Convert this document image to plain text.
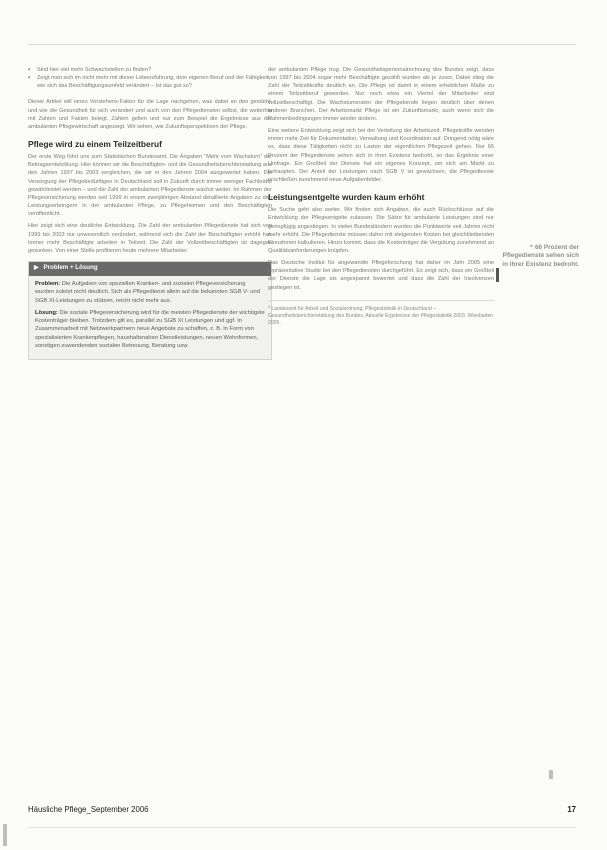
▪ Sind hier viel mehr Schwachstellen zu finden?
▪ Zeigt man sich im nicht mehr mit dieser Lebensführung, dem eigenen Beruf und der Fähigkeit, wie sich das Beschäftigungsumfeld verändert – Ist das gut so?

Dieser Artikel will einen Verstehens-Faktor für die Lage nachgehen, was dabei an den gestärkt, und wie die Gesundheit für sich verändert und auch von den Pflegediensten selbst, die weiterhin mit Zahlen und Fakten belegt. Zahlen gelten und nur zum Beispiel die Ergebnisse aus der ambulanten Pflegewirtschaft angezeigt. Wir sehen, wie Zukunftsperspektiven der Pflege.

Pflege wird zu einem Teilzeitberuf

Der erste Weg führt uns zum Statistischen Bundesamt. Die Angaben "Mehr vom Wachstum" der Beitragsentwicklung. Hier können wir die Beschäftigten- und die Gesundheitsberichterstattung aus den Jahren 1997 bis 2003 vergleichen, die wir in den Jahren 2004 ausgewertet haben. Die Versorgung der Pflegebedürftigen in Deutschland soll in Zukunft durch immer weniger Fachkräfte gewährleistet werden – und die Zahl der ambulanten Pflegedienste wächst weiter. Im Rahmen der Pflegeversicherung werden seit 1999 in einem zweijährigen Abstand detaillierte Angaben zu den Leistungserbringern in der ambulanten Pflege, zu Pflegeheimen und den Beschäftigten veröffentlicht.

Hier zeigt sich eine deutliche Entwicklung. Die Zahl der ambulanten Pflegedienste hat sich von 1999 bis 2003 nur unwesentlich verändert, während sich die Zahl der Beschäftigten erhöht hat. Immer mehr Beschäftigte arbeiten in Teilzeit. Die Zahl der Vollzeitbeschäftigten ist dagegen gesunken. Von einer Stelle profitieren heute mehrere Mitarbeiter.

▶ Problem + Lösung

Problem: Die Aufgaben von speziellen Kranken- und sozialen Pflegeversicherung wurden zuletzt nicht deutlich. Sich als Pflegedienst allein auf die bekannten SGB V- und SGB XI-Leistungen zu stützen, reicht nicht mehr aus.

Lösung: Die soziale Pflegeversicherung wird für die meisten Pflegedienste der wichtigste Kostenträger bleiben. Trotzdem gilt es, parallel zu SGB XI Leistungen und ggf. in Zusammenarbeit mit Netzwerkpartnern neue Angebote zu schaffen, z. B. in Form von spezialisierten Krankenpflegen, haushaltsnahen Dienstleistungen, neuen Wohnformen, sonstigen zuwendenden sozialen Betreuung, Beratung usw.

der ambulanten Pflege trug. Die Gesundheitspersonalrechnung des Bundes zeigt, dass von 1997 bis 2004 sogar mehr Beschäftigte gezählt wurden als je zuvor. Dabei stieg die Zahl der Teilzeitkräfte deutlich an. Die Pflege ist damit in einem erheblichen Maße zu einem Teilzeitberuf geworden. Nur noch etwa ein Viertel der Mitarbeiter sind vollzeitbeschäftigt. Die Wachstumsraten der Pflegeberufe liegen deutlich über denen anderer Branchen. Der Arbeitsmarkt Pflege ist ein Zukunftsmarkt, auch wenn sich die Rahmenbedingungen immer wieder ändern.

Eine weitere Entwicklung zeigt sich bei der Verteilung der Arbeitszeit. Pflegekräfte wenden immer mehr Zeit für Dokumentation, Verwaltung und Koordination auf. Dringend nötig wäre es, dass diese Tätigkeiten nicht zu Lasten der eigentlichen Pflegezeit gehen. Nur 66 Prozent der Pflegedienste sehen sich in ihrer Existenz bedroht, so das Ergebnis einer Umfrage. Ein Großteil der Dienste hat ein eigenes Konzept, um sich am Markt zu behaupten. Der Anteil der Leistungen nach SGB V ist gewachsen, die Pflegedienste erschließen zunehmend neue Aufgabenfelder.

Leistungsentgelte wurden kaum erhöht

Die Suche geht also weiter. Wir finden sich Angaben, die auch Rückschlüsse auf die Entwicklung der Pflegeentgelte zulassen. Die Sätze für ambulante Leistungen sind nur geringfügig angestiegen. In vielen Bundesländern wurden die Punktwerte seit Jahren nicht mehr erhöht. Die Pflegedienste müssen daher mit steigenden Kosten bei gleichbleibenden Einnahmen kalkulieren. Hinzu kommt, dass die Kostenträger die Vergütung zunehmend an Qualitätsanforderungen knüpfen.

Das Deutsche Institut für angewandte Pflegeforschung hat daher im Jahr 2005 eine repräsentative Studie bei den Pflegediensten durchgeführt. Es zeigt sich, dass ein Großteil der Dienste die Lage als angespannt bewertet und dass die Zahl der Insolvenzen gestiegen ist.

* Landesamt für Arbeit und Sozialordnung, Pflegestatistik in Deutschland – Gesundheitsberichterstattung des Bundes. Aktuelle Ergebnisse der Pflegestatistik 2003. Wiesbaden 2005.
❝ 66 Prozent der Pflegedienste sehen sich in ihrer Existenz bedroht.
Häusliche Pflege_September 2006	17
